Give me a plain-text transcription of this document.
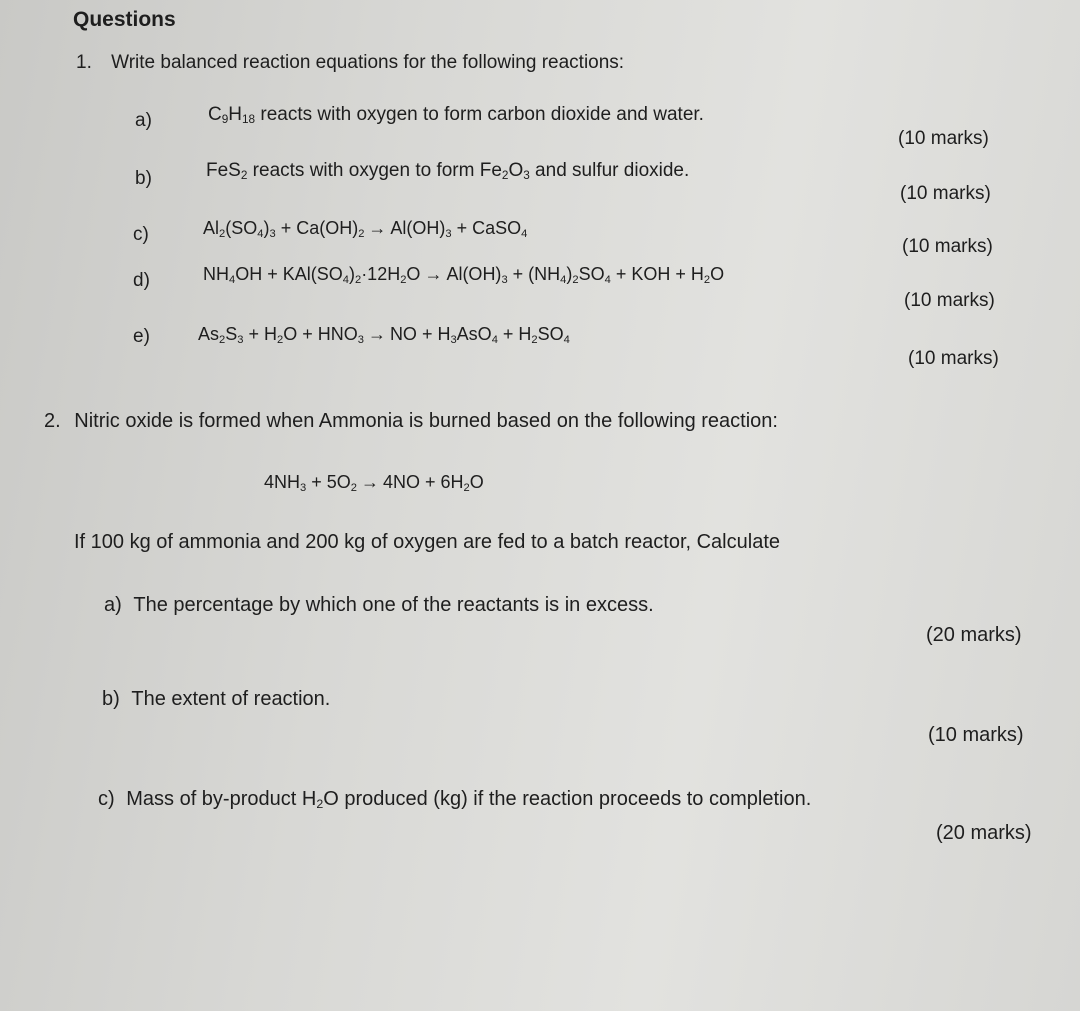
Questions
1. Write balanced reaction equations for the following reactions:
a)	$C_9H_{18}$ reacts with oxygen to form carbon dioxide and water.
(10 marks)
b)	FeS$_2$ reacts with oxygen to form $Fe_2O_3$ and sulfur dioxide.
(10 marks)
c)	$Al_2(SO_4)_3 + Ca(OH)_2 \to Al(OH)_3$ + CaSO$_4$
(10 marks)
d)	$NH_4OH + KAl(SO_4)_2\cdot 12H_2O \to Al(OH)_3 + (NH_4)_2SO_4$ + KOH + $H_2O$
(10 marks)
e)	$As_2S_3 + H_2O + HNO_3$ → NO + $H_3AsO_4 + H_2SO_4$
(10 marks)
2. Nitric oxide is formed when Ammonia is burned based on the following reaction:
$4NH_3 + 5O_2 \to 4NO + 6H_2O$
If 100 kg of ammonia and 200 kg of oxygen are fed to a batch reactor, Calculate
a) The percentage by which one of the reactants is in excess.
(20 marks)
b) The extent of reaction.
(10 marks)
c) Mass of by-product $H_2O$ produced (kg) if the reaction proceeds to completion.
(20 marks)
